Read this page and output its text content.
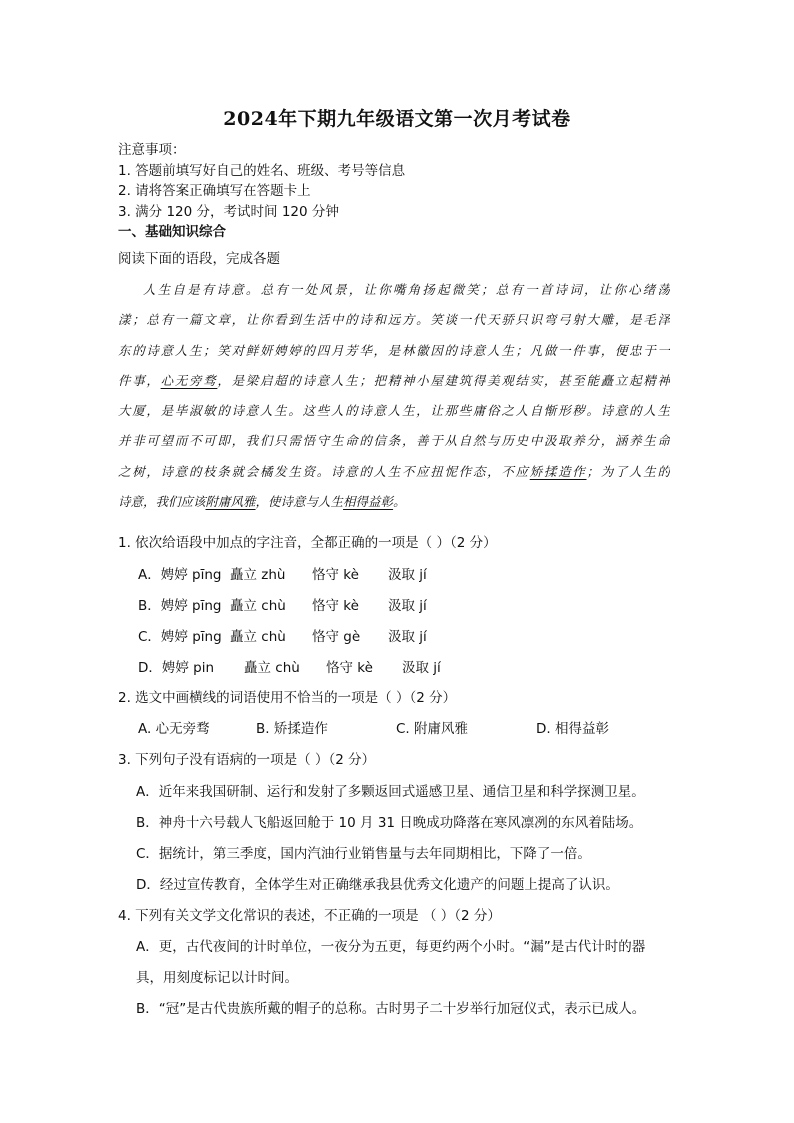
2024年下期九年级语文第一次月考试卷
注意事项：
1. 答题前填写好自己的姓名、班级、考号等信息
2. 请将答案正确填写在答题卡上
3. 满分 120 分，考试时间 120 分钟
一、基础知识综合
阅读下面的语段，完成各题
人生自是有诗意。总有一处风景，让你嘴角扬起微笑；总有一首诗词，让你心绪荡
漾；总有一篇文章，让你看到生活中的诗和远方。笑谈一代天骄只识弯弓射大雕，是毛泽
东的诗意人生；笑对鲜妍娉婷的四月芳华，是林徽因的诗意人生；凡做一件事，便忠于一
件事，心无旁骛，是梁启超的诗意人生；把精神小屋建筑得美观结实，甚至能矗立起精神
大厦，是毕淑敏的诗意人生。这些人的诗意人生，让那些庸俗之人自惭形秽。诗意的人生
并非可望而不可即，我们只需悟守生命的信条，善于从自然与历史中汲取养分，涵养生命
之树，诗意的枝条就会橘发生资。诗意的人生不应扭怩作态，不应矫揉造作；为了人生的
诗意，我们应该附庸风雅，使诗意与人生相得益彰。
1. 依次给语段中加点的字注音，全都正确的一项是（ ）（2 分）
A．娉婷 pīng 矗立 zhù 恪守 kè 汲取 jí
B．娉婷 pīng 矗立 chù 恪守 kè 汲取 jí
C．娉婷 pīng 矗立 chù 恪守 gè 汲取 jí
D．娉婷 pin 矗立 chù 恪守 kè 汲取 jí
2. 选文中画横线的词语使用不恰当的一项是（ ）（2 分）
A. 心无旁骛	B. 矫揉造作	C. 附庸风雅	D. 相得益彰
3. 下列句子没有语病的一项是（ ）（2 分）
A．近年来我国研制、运行和发射了多颗返回式遥感卫星、通信卫星和科学探测卫星。
B．神舟十六号载人飞船返回舱于 10 月 31 日晚成功降落在寒风凛冽的东风着陆场。
C．据统计，第三季度，国内汽油行业销售量与去年同期相比，下降了一倍。
D．经过宣传教育，全体学生对正确继承我县优秀文化遗产的问题上提高了认识。
4. 下列有关文学文化常识的表述，不正确的一项是 （ ）（2 分）
A．更，古代夜间的计时单位，一夜分为五更，每更约两个小时。“漏”是古代计时的器
具，用刻度标记以计时间。
B．“冠”是古代贵族所戴的帽子的总称。古时男子二十岁举行加冠仪式，表示已成人。
